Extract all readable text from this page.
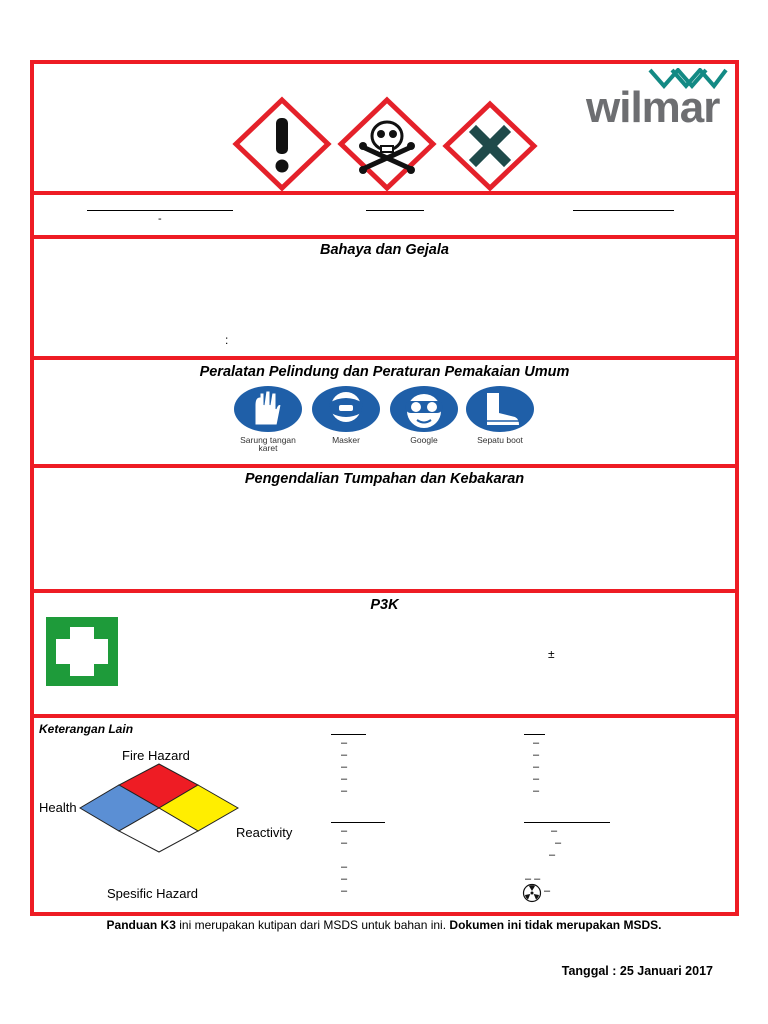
wilmar
-
Bahaya dan Gejala
:
Peralatan Pelindung dan Peraturan Pemakaian Umum
Sarung tangan
karet
Masker	Google	Sepatu boot
Pengendalian Tumpahan dan Kebakaran
P3K
±
Keterangan Lain
Fire Hazard
Health
Reactivity
Spesific Hazard
–
–
–
–
–
–
–
–
–
–
–
–
–
–
–
–
–
–
– –
–
Panduan K3 ini merupakan kutipan dari MSDS untuk bahan ini. Dokumen ini tidak merupakan MSDS.
Tanggal : 25 Januari 2017
